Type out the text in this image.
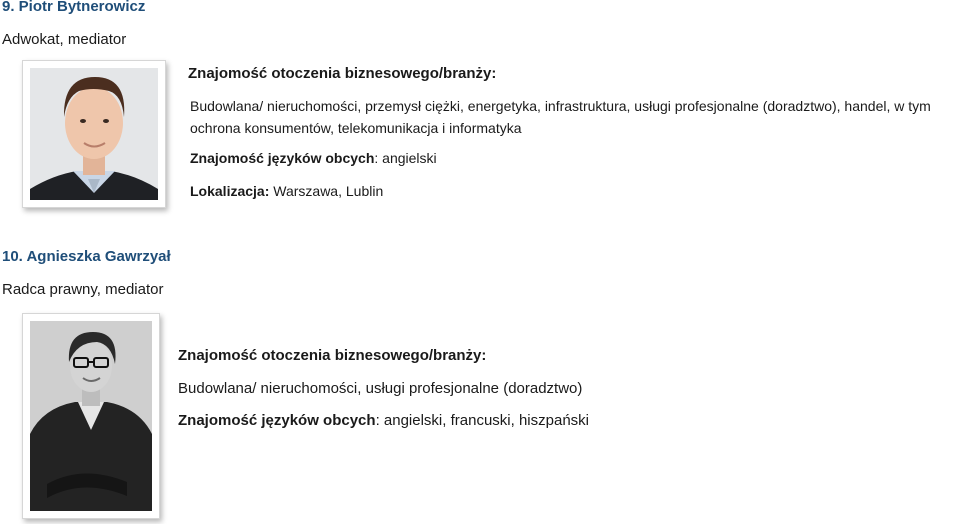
9. Piotr Bytnerowicz
Adwokat, mediator
Znajomość otoczenia biznesowego/branży:
Budowlana/ nieruchomości, przemysł ciężki, energetyka, infrastruktura, usługi profesjonalne (doradztwo), handel, w tym ochrona konsumentów, telekomunikacja i informatyka
Znajomość języków obcych: angielski
Lokalizacja: Warszawa, Lublin
10. Agnieszka Gawrzyał
Radca prawny, mediator
Znajomość otoczenia biznesowego/branży:
Budowlana/ nieruchomości, usługi profesjonalne (doradztwo)
Znajomość języków obcych: angielski, francuski, hiszpański
